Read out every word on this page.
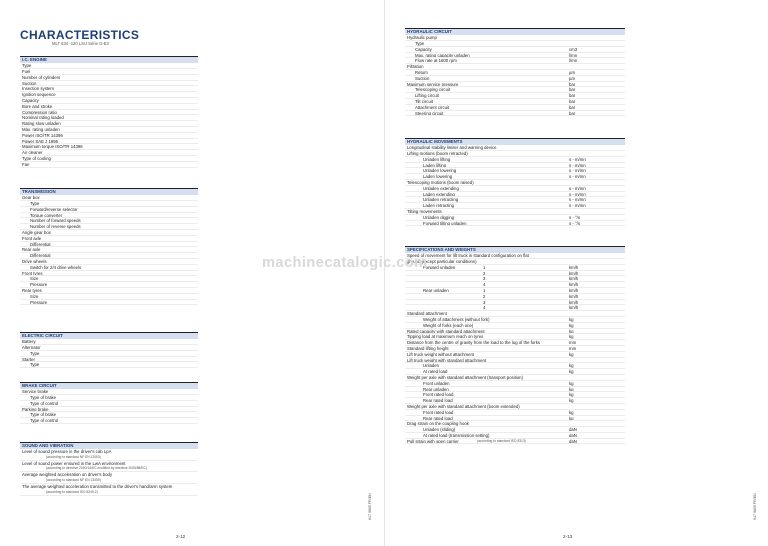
CHARACTERISTICS
MLT 634 -120 LSU Série G-E3
I.C. ENGINE
Type
Fuel
Number of cylinders
Suction
Insection system
Ignition sequence
Capacity
Bore and stroke
Compression ratio
Nominal rating loaded
Rating slow unladen
Max. rating unladen
Power ISO/TR 14396
Power SAE J 1995
Maximum torque ISO/TR 14396
Air cleaner
Type of cooling
Fan
TRANSMISSION
Gear box
Type
Forward/reverse selector
Torque converter
Number of forward speeds
Number of reverse speeds
Angle gear box
Front axle
Differential
Rear axle
Differential
Drive wheels
Switch for 2/4 drive wheels
Front tyres
Size
Pressure
Rear tyres
Size
Pressure
ELECTRIC CIRCUIT
Battery
Alternator
Type
Starter
Type
BRAKE CIRCUIT
Service brake
Type of brake
Type of control
Parking brake
Type of brake
Type of control
SOUND AND VIBRATION
Level of sound pressure in the driver's cab LpA
(according to standard NF EN 12053)
Level of sound power ensured in the LwA environment
(according to directive 2000/14/EC modified by directive 2005/88/EC)
Average weighted acceleration on driver's body
(according to standard NF EN 13059)
The average weighted acceleration transmitted to the driver's hand/arm system
(according to standard ISO 5349-2)
647 9805 FR/EN
2-12
HYDRAULIC CIRCUIT
Hydraulic pump
Type
Capacity	cm3
Max. rating capacity unladen	l/mn
Flow rate at 1600 rpm	l/mn
Filtration
Return	µm
Suction	µm
Maximum service pressure	bar
Telescoping circuit	bar
Lifting circuit	bar
Tilt circuit	bar
Attachment circuit	bar
Steering circuit	bar
HYDRAULIC MOVEMENTS
Longitudinal stability limiter and warning device
Lifting motions (boom retracted)
Unladen lifting	s - m/mn
Laden lifting	s - m/mn
Unladen lowering	s - m/mn
Laden lowering	s - m/mn
Telescoping motions (boom raised)
Unladen extending	s - m/mn
Laden extending	s - m/mn
Unladen retracting	s - m/mn
Laden retracting	s - m/mn
Tilting movements
Unladen digging	s - °/s
Forward tilting unladen	s - °/s
SPECIFICATIONS AND WEIGHTS
Speed of movement for lift truck in standard configuration on flat
ground (except particular conditions)
Forward unladen	1	km/h
2	km/h
3	km/h
4	km/h
Rear unladen	1	km/h
2	km/h
3	km/h
4	km/h
Standard attachment
Weight of attachment (without fork)	kg
Weight of forks (each one)	kg
Rated capacity with standard attachment	kg
Tipping load at maximum reach on tyres	kg
Distance from the centre of gravity from the load to the lug of the forks	mm
Standard lifting height	mm
Lift truck weight without attachment	kg
Lift truck weight with standard attachment
Unladen	kg
At rated load	kg
Weight per axle with standard attachment (transport position)
Front unladen	kg
Rear unladen	kg
Front rated load	kg
Rear rated load	kg
Weight per axle with standard attachment (boom extended)
Front rated load	kg
Rear rated load	kg
Drag strain on the coupling hook
Unladen (sliding)	daN
At rated load (transmission setting)	daN
Pull strain with open carrier	(according to standard ISO 8313)	daN
647 9805 FR/EN
2-13
machinecatalogic.com
